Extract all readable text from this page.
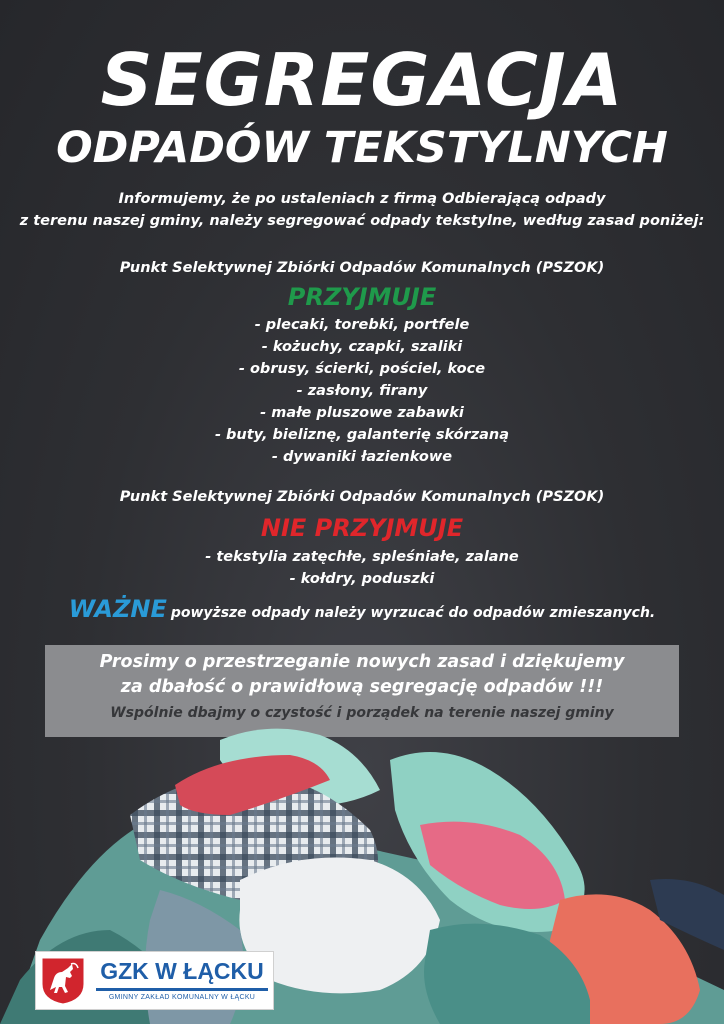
SEGREGACJA
ODPADÓW TEKSTYLNYCH
Informujemy, że po ustaleniach z firmą Odbierającą odpady
z terenu naszej gminy, należy segregować odpady tekstylne, według zasad poniżej:
Punkt Selektywnej Zbiórki Odpadów Komunalnych (PSZOK)
PRZYJMUJE
- plecaki, torebki, portfele
- kożuchy, czapki, szaliki
- obrusy, ścierki, pościel, koce
- zasłony, firany
- małe pluszowe zabawki
- buty, bieliznę, galanterię skórzaną
- dywaniki łazienkowe
Punkt Selektywnej Zbiórki Odpadów Komunalnych (PSZOK)
NIE PRZYJMUJE
- tekstylia zatęchłe, spleśniałe, zalane
- kołdry, poduszki
WAŻNE powyższe odpady należy wyrzucać do odpadów zmieszanych.
Prosimy o przestrzeganie nowych zasad i dziękujemy
za dbałość o prawidłową segregację odpadów !!!
Wspólnie dbajmy o czystość i porządek na terenie naszej gminy
GZK W ŁĄCKU
GMINNY ZAKŁAD KOMUNALNY W ŁĄCKU
